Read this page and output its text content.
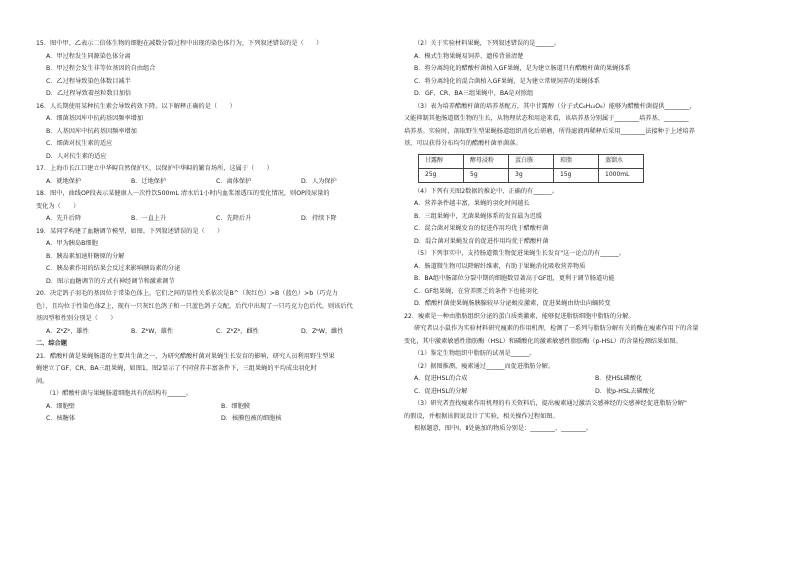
15．图中甲、乙表示二倍体生物的细胞在减数分裂过程中出现的染色体行为，下列叙述错误的是（　　）
A．甲过程发生同源染色体分离
B．甲过程会发生非等位基因的自由组合
C．乙过程导致染色体数目减半
D．乙过程导致着丝粒数目加倍
16．人长期使用某种抗生素会导致药效下降。以下解释正确的是（　　）
A．细菌基因库中抗药基因频率增加
B．人基因库中抗药基因频率增加
C．细菌对抗生素的适应
D．人对抗生素的适应
17．上海市长江口建立中华鲟自然保护区，以保护中华鲟的繁育场所，这属于（　　）
A．就地保护	B．迁地保护	C．离体保护	D．人为保护
18．图中，曲线OP段表示某健康人一次性饮500mL 清水后1小时内血浆渗透压的变化情况，则OP段尿量的
变化为（　　）
A．先升后降	B．一直上升	C．先降后升	D．持续下降
19．某同学构建了血糖调节模型，如图。下列叙述错误的是（　　）
A．甲为胰岛B细胞
B．胰岛素加速肝糖原的分解
C．胰岛素作用的结果会反过来影响胰岛素的分泌
D．图示血糖调节的方式有神经调节和激素调节
20．决定鸽子羽毛的基因位于常染色体上，它们之间的显性关系依次是B^（灰红色）>B（蓝色）>b（巧克力
色），且均位于性染色体Z上，现有一只灰红色鸽子和一只蓝色鸽子交配，后代中出现了一只巧克力色后代。则该后代
基因型和性别分别是（　　）
A．ZᵇZᵇ，雄性	B．ZᵇW，雄性	C．ZᵇZᵇ，雌性	D．ZᵇW，雌性
二、综合题
21．醋酸杆菌是果蝇肠道的主要共生菌之一，为研究醋酸杆菌对果蝇生长发育的影响，研究人员利用野生型果
蝇建立了GF、CR、BA三组果蝇，如图1，图2显示了不同营养丰富条件下，三组果蝇的平均成虫羽化时
间。
（1）醋酸杆菌与果蝇肠道细胞共有的结构有______。
A．细胞壁	B．细胞膜
C．核糖体	D．核膜包被的细胞核
（2）关于实验材料果蝇，下列叙述错误的是______。
A．模式生物果蝇易饲养、遗传背景清楚
B．将分离纯化的醋酸杆菌植入GF果蝇，是为建立肠道只有醋酸杆菌的果蝇体系
C．将分离纯化的混合菌植入GF果蝇，是为建立常规饲养的果蝇体系
D．GF、CR、BA三组果蝇中，BA是对照组
（3）表为培养醋酸杆菌的培养基配方，其中甘露醇（分子式C₆H₁₄O₆）能够为醋酸杆菌提供________，
又能抑制其他肠道微生物的生长，从物理状态和用途来看，该培养基分别属于________培养基、________
培养基。实验时，剖取野生型果蝇肠道组织消化后研磨，所得滤液再稀释后采用________法接种于上述培养
基，可以获得分布均匀的醋酸杆菌单菌落。
甘露醇	酵母浸粉	蛋白胨	琼脂	蒸馏水
25g	5g	3g	15g	1000mL
（4）下列有关图2数据的推论中，正确的有______。
A．营养条件越丰富，果蝇的羽化时间越长
B．三组果蝇中，无菌果蝇体系的发育最为迟缓
C．混合菌对果蝇发育的促进作用均优于醋酸杆菌
D．混合菌对果蝇发育的促进作用均优于醋酸杆菌
（5）下列事实中，支持肠道微生物促进果蝇生长发育"这一论点的有______。
A．肠道微生物可以降解纤维素，有助于果蝇消化吸收营养物质
B．BA组中肠部位分裂中期的细胞数显著高于GF组，更利于调节肠道功能
C．GF组果蝇，在营养匮乏的条件下也能羽化
D．醋酸杆菌使果蝇肠胰腺较早分泌蜕皮激素，促进果蝇由幼虫向蛹转变
22．瘦素是一种由脂肪组织分泌的蛋白质类激素，能够促进脂肪细胞中脂肪的分解。
研究者以小鼠作为实验材料研究瘦素的作用机理，检测了一系列与脂肪分解有关的酶在瘦素作用下的含量
变化，其中激素敏感性脂肪酶（HSL）和磷酸化的激素敏感性脂肪酶（p-HSL）的含量检测结果如图。
（1）鉴定生物组织中脂肪的试剂是______。
（2）据图推测，瘦素通过______而促进脂肪分解。
A．促进HSL的合成	B．使HSL磷酸化
C．促进HSL的分解	D．使p-HSL去磷酸化
（3）研究者查找瘦素作用机理的有关资料后，提出瘦素通过激活交感神经的交感神经促进脂肪分解"
的假设，并根据该假说设计了实验，相关操作过程如图。
根据题意，图中Ⅰ、Ⅱ处施加的物质分别是：________、________。
